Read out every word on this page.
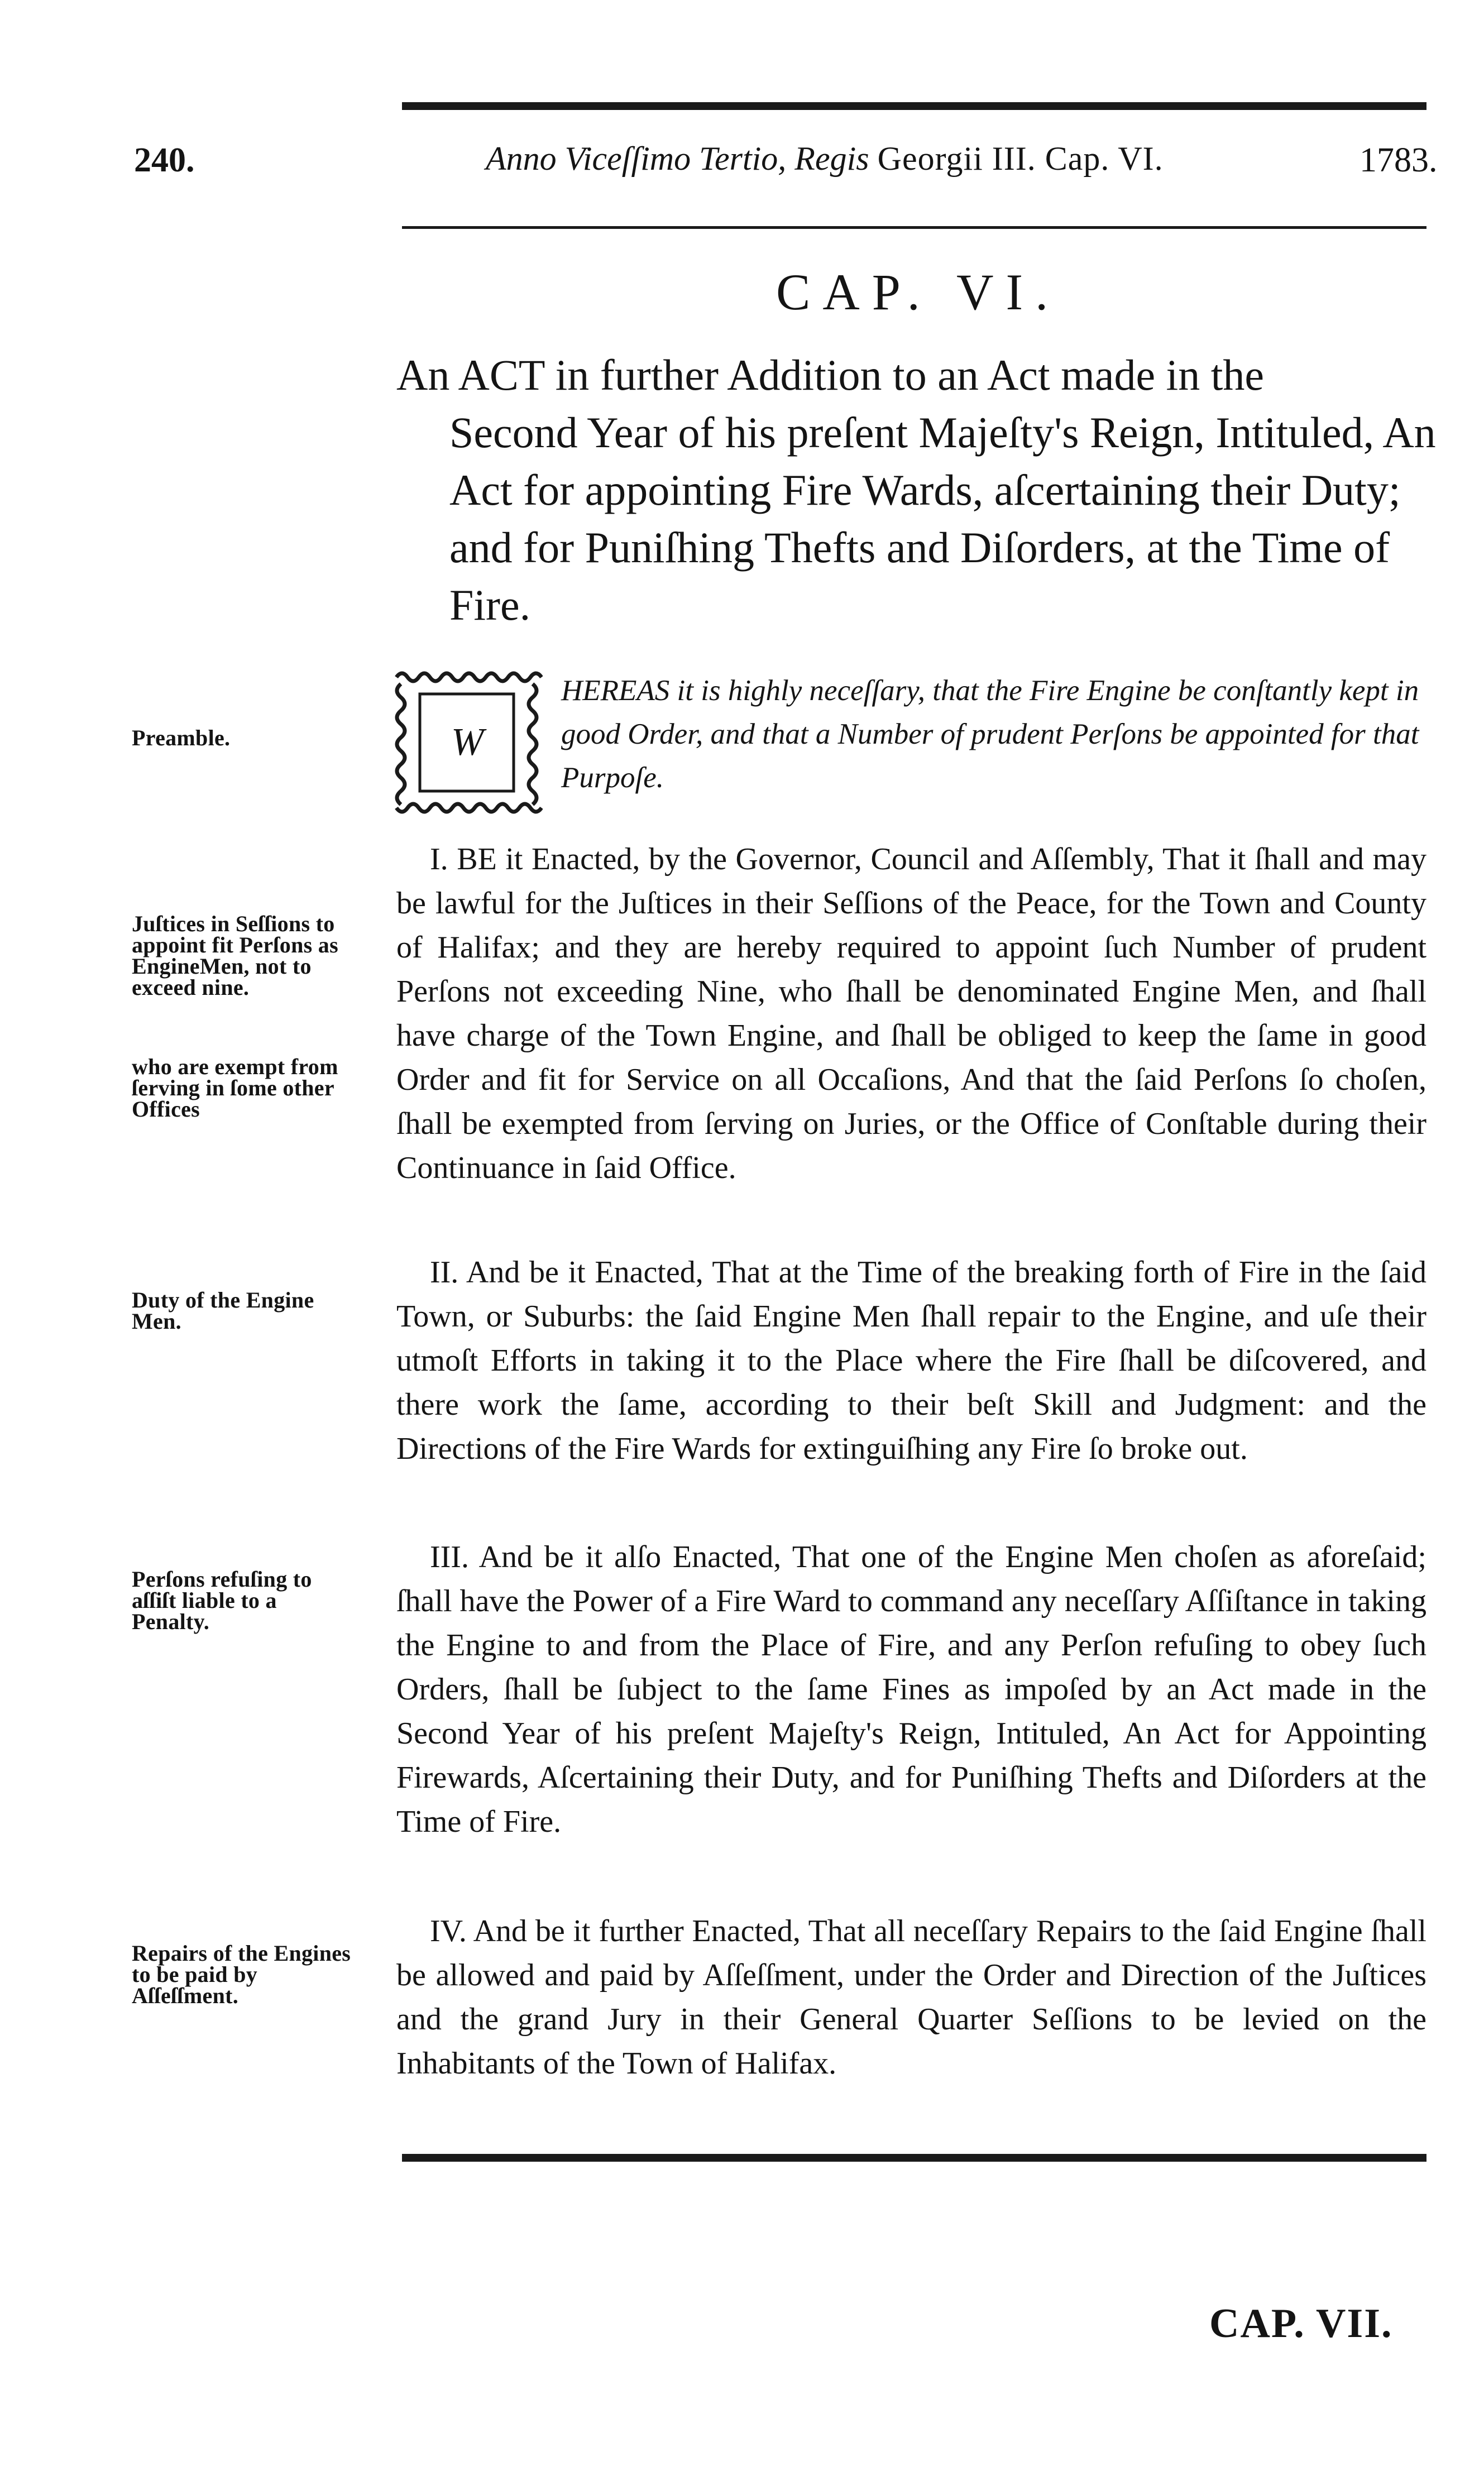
240.	Anno Viceſſimo Tertio, Regis Georgii III. Cap. VI.	1783.
CAP. VI.
An ACT in further Addition to an Act made in the
Second Year of his preſent Majeſty's Reign, Intituled, An Act for appointing Fire Wards, aſcertaining their Duty; and for Puniſhing Thefts and Diſorders, at the Time of Fire.
Preamble.
Juſtices in Seſſions to appoint fit Perſons as EngineMen, not to exceed nine.
who are exempt from ſerving in ſome other Offices
Duty of the Engine Men.
Perſons refuſing to aſſiſt liable to a Penalty.
Repairs of the Engines to be paid by Aſſeſſment.
W
HEREAS it is highly neceſſary, that the Fire Engine be conſtantly kept in good Order, and that a Number of prudent Perſons be appointed for that Purpoſe.
I. BE it Enacted, by the Governor, Council and Aſſembly, That it ſhall and may be lawful for the Juſtices in their Seſſions of the Peace, for the Town and County of Halifax; and they are hereby required to appoint ſuch Number of prudent Perſons not exceeding Nine, who ſhall be denominated Engine Men, and ſhall have charge of the Town Engine, and ſhall be obliged to keep the ſame in good Order and fit for Service on all Occaſions, And that the ſaid Perſons ſo choſen, ſhall be exempted from ſerving on Juries, or the Office of Conſtable during their Continuance in ſaid Office.
II. And be it Enacted, That at the Time of the breaking forth of Fire in the ſaid Town, or Suburbs: the ſaid Engine Men ſhall repair to the Engine, and uſe their utmoſt Efforts in taking it to the Place where the Fire ſhall be diſcovered, and there work the ſame, according to their beſt Skill and Judgment: and the Directions of the Fire Wards for extinguiſhing any Fire ſo broke out.
III. And be it alſo Enacted, That one of the Engine Men choſen as aforeſaid; ſhall have the Power of a Fire Ward to command any neceſſary Aſſiſtance in taking the Engine to and from the Place of Fire, and any Perſon refuſing to obey ſuch Orders, ſhall be ſubject to the ſame Fines as impoſed by an Act made in the Second Year of his preſent Majeſty's Reign, Intituled, An Act for Appointing Firewards, Aſcertaining their Duty, and for Puniſhing Thefts and Diſorders at the Time of Fire.
IV. And be it further Enacted, That all neceſſary Repairs to the ſaid Engine ſhall be allowed and paid by Aſſeſſment, under the Order and Direction of the Juſtices and the grand Jury in their General Quarter Seſſions to be levied on the Inhabitants of the Town of Halifax.
CAP. VII.
